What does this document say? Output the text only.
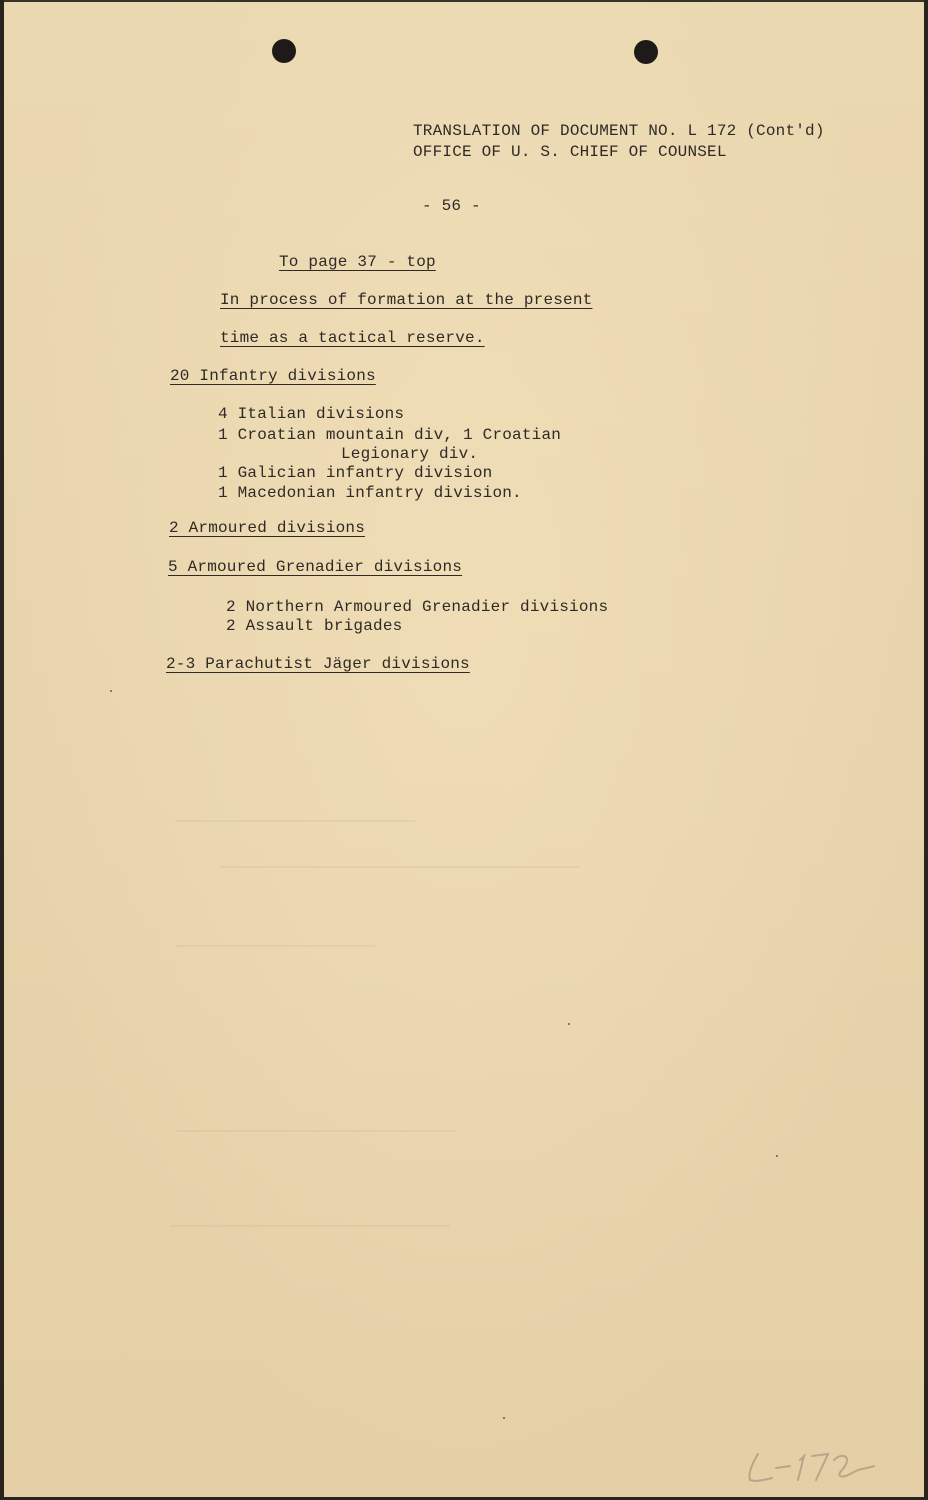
TRANSLATION OF DOCUMENT NO. L 172 (Cont'd)
OFFICE OF U. S. CHIEF OF COUNSEL
- 56 -
To page 37 - top
In process of formation at the present
time as a tactical reserve.
20 Infantry divisions
4 Italian divisions
1 Croatian mountain div, 1 Croatian
Legionary div.
1 Galician infantry division
1 Macedonian infantry division.
2 Armoured divisions
5 Armoured Grenadier divisions
2 Northern Armoured Grenadier divisions
2 Assault brigades
2-3 Parachutist Jäger divisions
